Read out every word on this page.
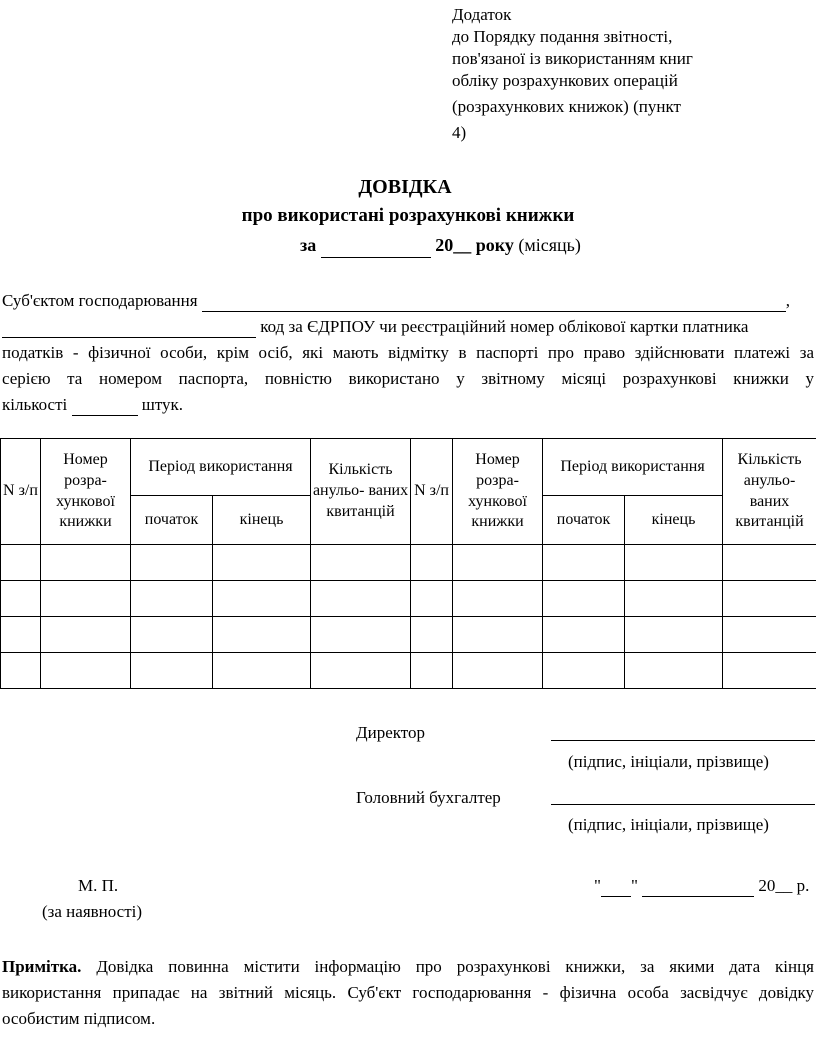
Додаток
до Порядку подання звітності,
пов'язаної із використанням книг
обліку розрахункових операцій
(розрахункових книжок) (пункт
4)
ДОВІДКА
про використані розрахункові книжки
за	20__ року (місяць)

Суб'єктом господарювання	,

код за ЄДРПОУ чи реєстраційний номер облікової картки платника

податків - фізичної особи, крім осіб, які мають відмітку в паспорті про право здійснювати платежі за

серією та номером паспорта, повністю використано у звітному місяці розрахункові книжки у

кількості	штук.

N з/п	Номер розра- хункової книжки	Період використання		Кількість анульо- ваних квитанцій	N з/п	Номер розра- хункової книжки	Період використання		Кількість анульо- ваних квитанцій
		початок	кінець				початок	кінець	

Директор
(підпис, ініціали, прізвище)
Головний бухгалтер
(підпис, ініціали, прізвище)
М. П.
(за наявності)
" "	20__ р.

Примітка. Довідка повинна містити інформацію про розрахункові книжки, за якими дата кінця

використання припадає на звітний місяць. Суб'єкт господарювання - фізична особа засвідчує довідку

особистим підписом.
